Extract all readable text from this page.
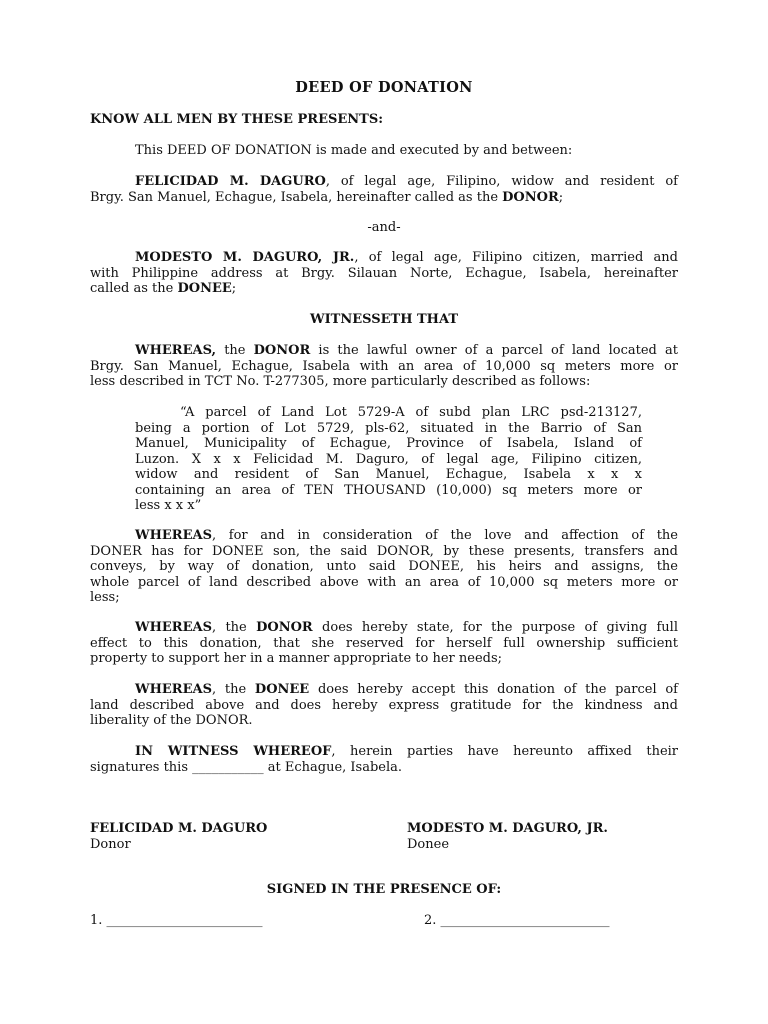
DEED OF DONATION
KNOW ALL MEN BY THESE PRESENTS:
This DEED OF DONATION is made and executed by and between:
FELICIDAD M. DAGURO, of legal age, Filipino, widow and resident of
Brgy. San Manuel, Echague, Isabela, hereinafter called as the DONOR;
-and-
MODESTO M. DAGURO, JR., of legal age, Filipino citizen, married and
with Philippine address at Brgy. Silauan Norte, Echague, Isabela, hereinafter
called as the DONEE;
WITNESSETH THAT
WHEREAS, the DONOR is the lawful owner of a parcel of land located at
Brgy. San Manuel, Echague, Isabela with an area of 10,000 sq meters more or
less described in TCT No. T-277305, more particularly described as follows:
“A parcel of Land Lot 5729-A of subd plan LRC psd-213127,
being a portion of Lot 5729, pls-62, situated in the Barrio of San
Manuel, Municipality of Echague, Province of Isabela, Island of
Luzon. X x x Felicidad M. Daguro, of legal age, Filipino citizen,
widow and resident of San Manuel, Echague, Isabela x x x
containing an area of TEN THOUSAND (10,000) sq meters more or
less x x x”
WHEREAS, for and in consideration of the love and affection of the
DONER has for DONEE son, the said DONOR, by these presents, transfers and
conveys, by way of donation, unto said DONEE, his heirs and assigns, the
whole parcel of land described above with an area of 10,000 sq meters more or
less;
WHEREAS, the DONOR does hereby state, for the purpose of giving full
effect to this donation, that she reserved for herself full ownership sufficient
property to support her in a manner appropriate to her needs;
WHEREAS, the DONEE does hereby accept this donation of the parcel of
land described above and does hereby express gratitude for the kindness and
liberality of the DONOR.
IN WITNESS WHEREOF, herein parties have hereunto affixed their
signatures this ___________ at Echague, Isabela.
FELICIDAD M. DAGURO
Donor
MODESTO M. DAGURO, JR.
Donee
SIGNED IN THE PRESENCE OF:
1. ________________________	2. __________________________
